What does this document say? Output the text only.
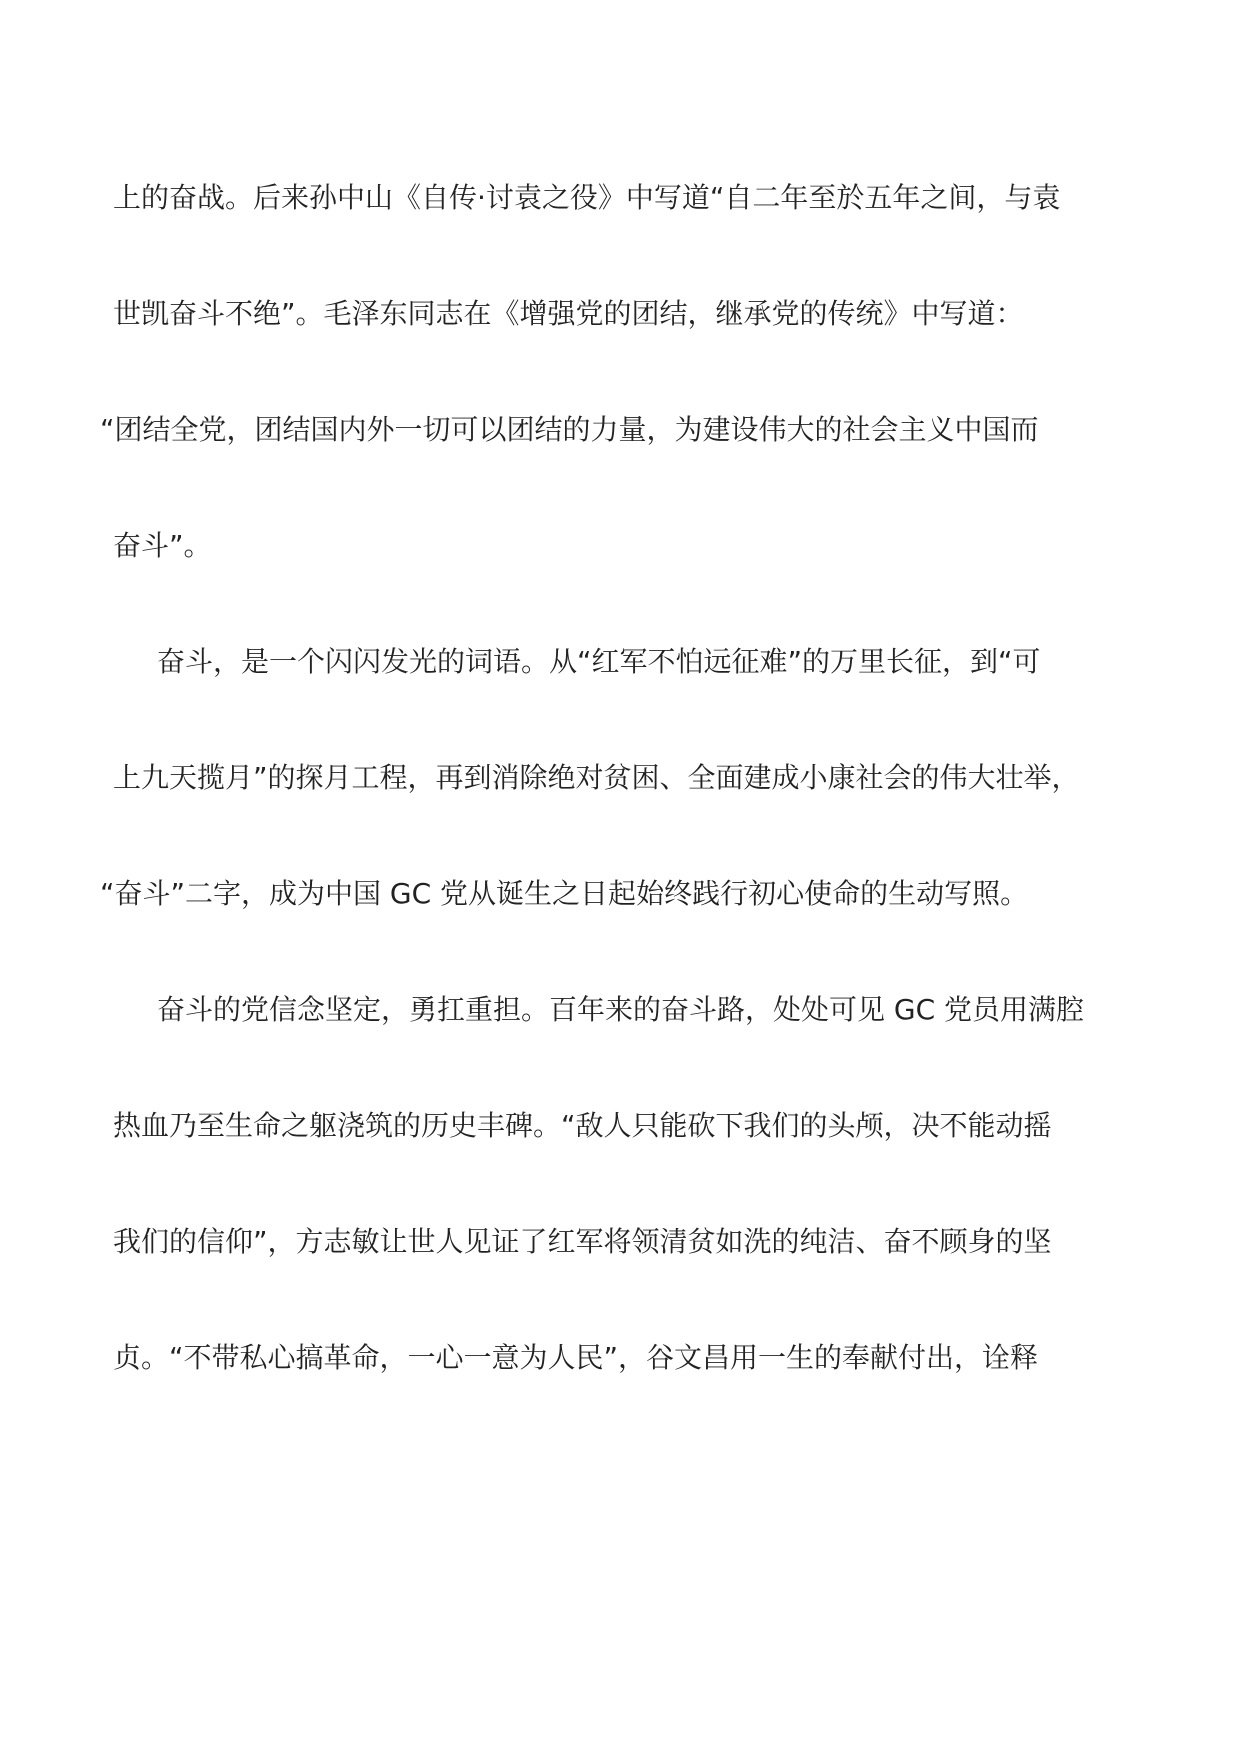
上的奋战。后来孙中山《自传·讨袁之役》中写道“自二年至於五年之间，与袁
世凯奋斗不绝”。毛泽东同志在《增强党的团结，继承党的传统》中写道：
“团结全党，团结国内外一切可以团结的力量，为建设伟大的社会主义中国而
奋斗”。
奋斗，是一个闪闪发光的词语。从“红军不怕远征难”的万里长征，到“可
上九天揽月”的探月工程，再到消除绝对贫困、全面建成小康社会的伟大壮举，
“奋斗”二字，成为中国 GC 党从诞生之日起始终践行初心使命的生动写照。
奋斗的党信念坚定，勇扛重担。百年来的奋斗路，处处可见 GC 党员用满腔
热血乃至生命之躯浇筑的历史丰碑。“敌人只能砍下我们的头颅，决不能动摇
我们的信仰”，方志敏让世人见证了红军将领清贫如洗的纯洁、奋不顾身的坚
贞。“不带私心搞革命，一心一意为人民”，谷文昌用一生的奉献付出，诠释
